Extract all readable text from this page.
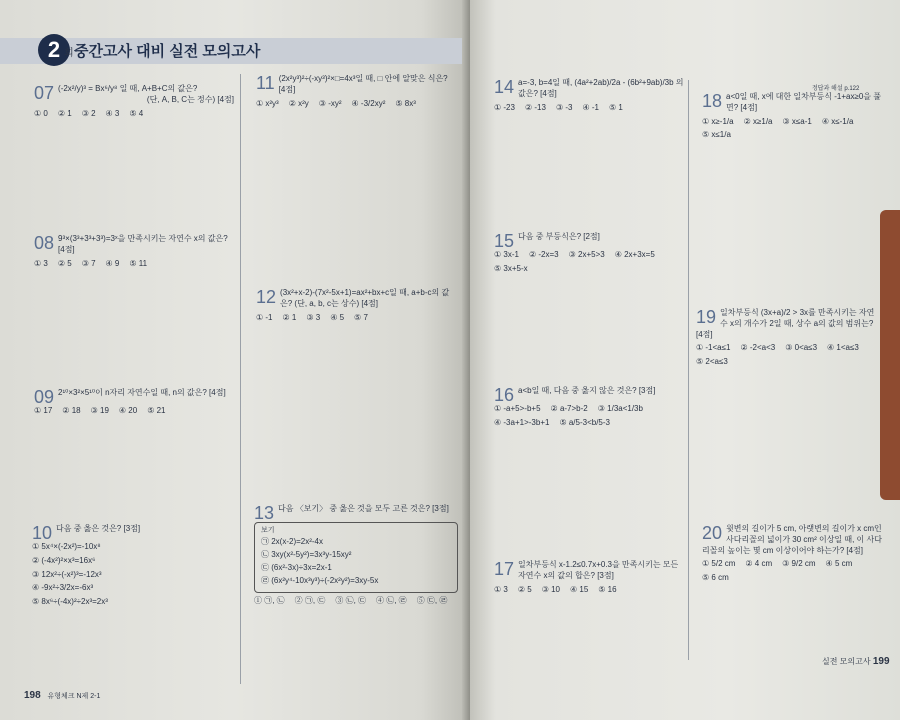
2 회 중간고사 대비 실전 모의고사
07 (-2x²/y)³ = Bx⁶/y⁸ 일 때, A+B+C의 값은?
(단, A, B, C는 정수) [4점]
① 0 ② 1 ③ 2 ④ 3 ⑤ 4
08 9³×(3³+3³+3³)=3ˣ을 만족시키는 자연수 x의 값은? [4점]
① 3 ② 5 ③ 7 ④ 9 ⑤ 11
09 2¹⁰×3²×5¹⁰이 n자리 자연수일 때, n의 값은? [4점]
① 17 ② 18 ③ 19 ④ 20 ⑤ 21
10 다음 중 옳은 것은? [3점]
① 5x⁴×(-2x²)=-10x⁸
② (-4x²)²×x³=16x⁶
③ 12x²÷(-x²)³=-12x³
④ -9x²÷3/2x=-6x³
⑤ 8x⁶÷(-4x)²÷2x³=2x³
11 (2x²y³)²÷(-xy³)²×□=4x³일 때, □ 안에 알맞은 식은? [4점]
① x²y³ ② x²y ③ -xy² ④ -3/2xy² ⑤ 8x³
12 (3x²+x-2)-(7x²-5x+1)=ax²+bx+c일 때, a+b-c의 값은? (단, a, b, c는 상수) [4점]
① -1 ② 1 ③ 3 ④ 5 ⑤ 7
13 다음 〈보기〉 중 옳은 것을 모두 고른 것은? [3점]
보기
㉠ 2x(x-2)=2x²-4x
㉡ 3xy(x²-5y²)=3x³y-15xy²
㉢ (6x²-3x)÷3x=2x-1
㉣ (6x²y⁴-10x³y³)÷(-2x²y²)=3xy-5x
① ㉠, ㉡ ② ㉠, ㉢ ③ ㉡, ㉢ ④ ㉡, ㉣ ⑤ ㉢, ㉣
198 유형체크 N제 2-1
14 a=-3, b=4일 때, (4a²+2ab)/2a - (6b²+9ab)/3b 의 값은? [4점]
① -23 ② -13 ③ -3 ④ -1 ⑤ 1
15 다음 중 부등식은? [2점]
① 3x-1 ② -2x=3 ③ 2x+5>3 ④ 2x+3x=5
⑤ 3x+5-x
16 a<b일 때, 다음 중 옳지 않은 것은? [3점]
① -a+5>-b+5 ② a-7>b-2 ③ 1/3a<1/3b
④ -3a+1>-3b+1 ⑤ a/5-3<b/5-3
17 일차부등식 x-1.2≤0.7x+0.3을 만족시키는 모든 자연수 x의 값의 합은? [3점]
① 3 ② 5 ③ 10 ④ 15 ⑤ 16
18 a<0일 때, x에 대한 일차부등식 -1+ax≥0을 풀면? [4점]
① x≥-1/a ② x≥1/a ③ x≤a-1 ④ x≤-1/a
⑤ x≤1/a
19 일차부등식 (3x+a)/2 > 3x를 만족시키는 자연수 x의 개수가 2일 때, 상수 a의 값의 범위는? [4점]
① -1<a≤1 ② -2<a<3 ③ 0<a≤3 ④ 1<a≤3
⑤ 2<a≤3
20 윗변의 길이가 5 cm, 아랫변의 길이가 x cm인 사다리꼴의 넓이가 30 cm² 이상일 때, 이 사다리꼴의 높이는 몇 cm 이상이어야 하는가? [4점]
① 5/2 cm ② 4 cm ③ 9/2 cm ④ 5 cm
⑤ 6 cm
정답과 해설 p.122
실전 모의고사 199
